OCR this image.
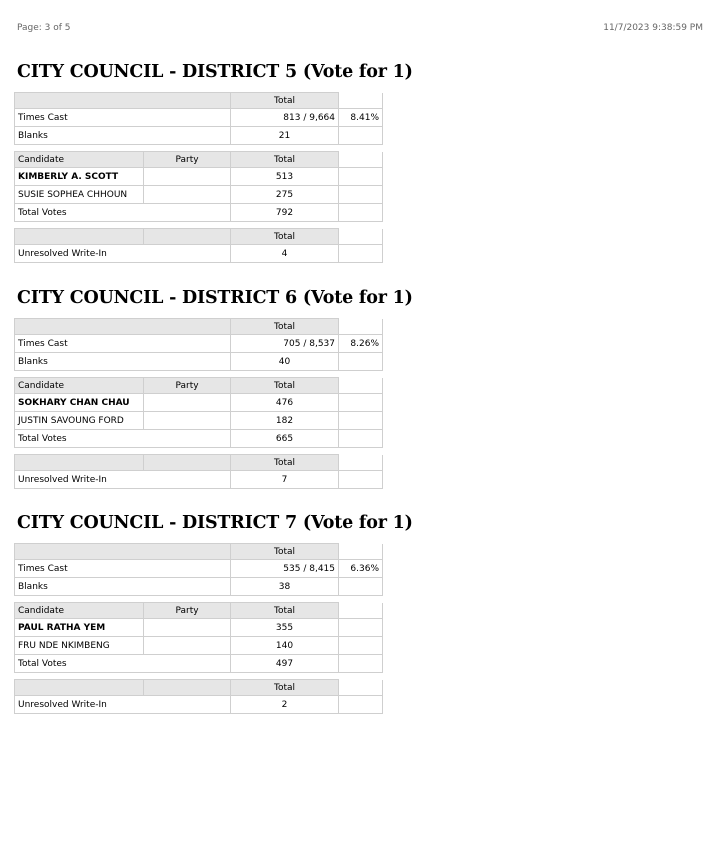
Page: 3 of 5	11/7/2023 9:38:59 PM
CITY COUNCIL - DISTRICT 5 (Vote for 1)
	Total	
Times Cast	813 / 9,664	8.41%
Blanks	21	
Candidate	Party	Total	
KIMBERLY A. SCOTT		513	
SUSIE SOPHEA CHHOUN		275	
Total Votes		792	
		Total	
Unresolved Write-In		4	
CITY COUNCIL - DISTRICT 6 (Vote for 1)
	Total	
Times Cast	705 / 8,537	8.26%
Blanks	40	
Candidate	Party	Total	
SOKHARY CHAN CHAU		476	
JUSTIN SAVOUNG FORD		182	
Total Votes		665	
		Total	
Unresolved Write-In		7	
CITY COUNCIL - DISTRICT 7 (Vote for 1)
	Total	
Times Cast	535 / 8,415	6.36%
Blanks	38	
Candidate	Party	Total	
PAUL RATHA YEM		355	
FRU NDE NKIMBENG		140	
Total Votes		497	
		Total	
Unresolved Write-In		2	
